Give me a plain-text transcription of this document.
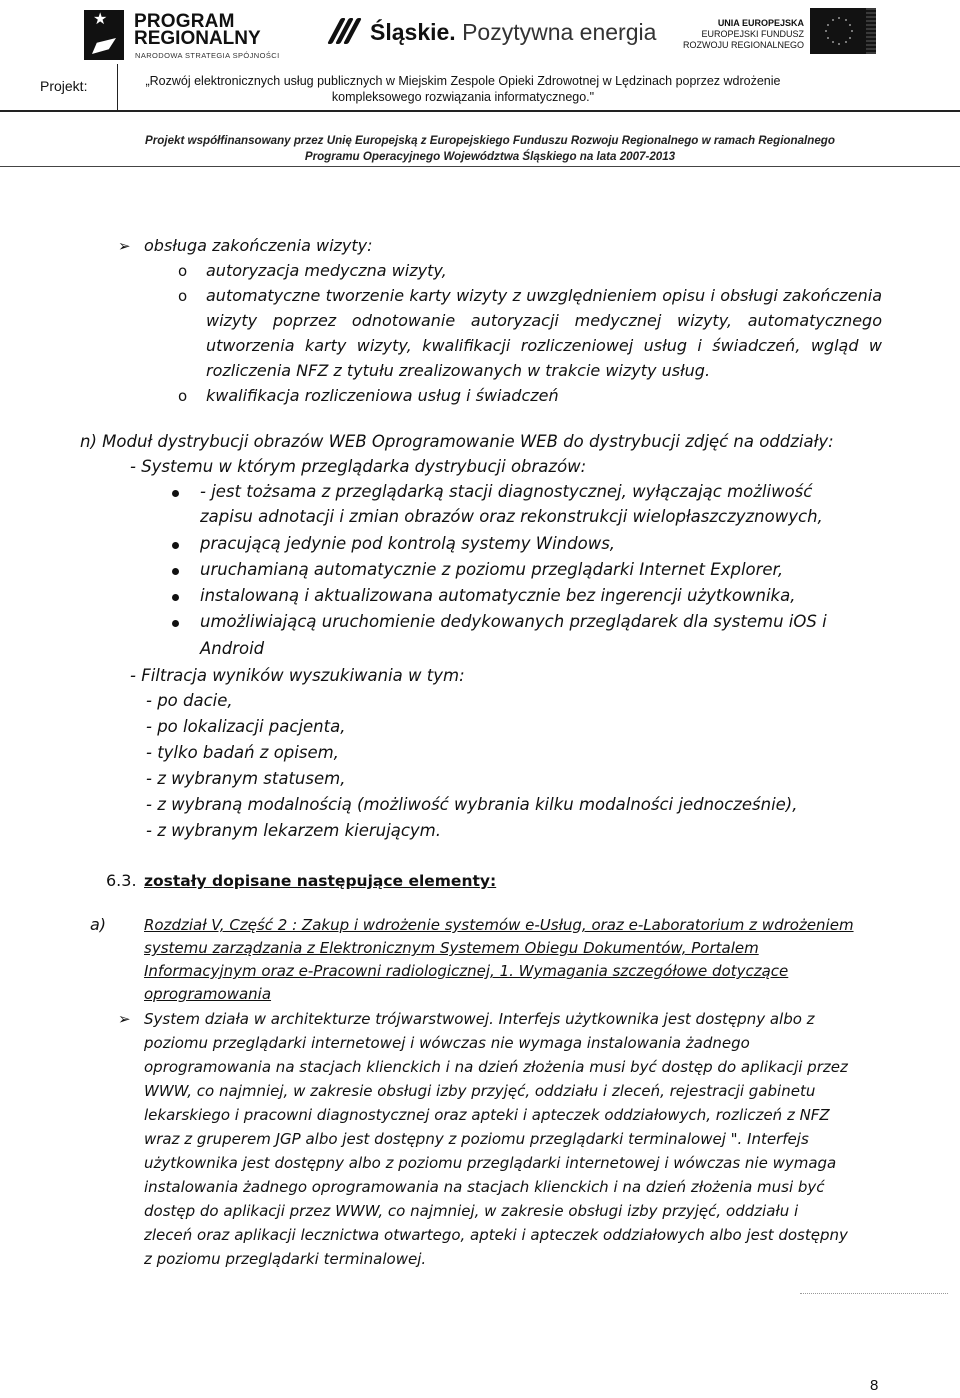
★ PROGRAM
REGIONALNY
NARODOWA STRATEGIA SPÓJNOŚCI
Śląskie. Pozytywna energia	UNIA EUROPEJSKA
EUROPEJSKI FUNDUSZ
ROZWOJU REGIONALNEGO
Projekt:	„Rozwój elektronicznych usług publicznych w Miejskim Zespole Opieki Zdrowotnej w Lędzinach poprzez wdrożenie
kompleksowego rozwiązania informatycznego."
Projekt współfinansowany przez Unię Europejską z Europejskiego Funduszu Rozwoju Regionalnego w ramach Regionalnego
Programu Operacyjnego Województwa Śląskiego na lata 2007-2013
➢ obsługa zakończenia wizyty:
o autoryzacja medyczna wizyty,
o automatyczne tworzenie karty wizyty z uwzględnieniem opisu i obsługi zakończenia
wizyty poprzez odnotowanie autoryzacji medycznej wizyty, automatycznego
utworzenia karty wizyty, kwalifikacji rozliczeniowej usług i świadczeń, wgląd w
rozliczenia NFZ z tytułu zrealizowanych w trakcie wizyty usług.
o kwalifikacja rozliczeniowa usług i świadczeń
n) Moduł dystrybucji obrazów WEB Oprogramowanie WEB do dystrybucji zdjęć na oddziały:
- Systemu w którym przeglądarka dystrybucji obrazów:
- jest tożsama z przeglądarką stacji diagnostycznej, wyłączając możliwość
zapisu adnotacji i zmian obrazów oraz rekonstrukcji wielopłaszczyznowych,
pracującą jedynie pod kontrolą systemy Windows,
uruchamianą automatycznie z poziomu przeglądarki Internet Explorer,
instalowaną i aktualizowana automatycznie bez ingerencji użytkownika,
umożliwiającą uruchomienie dedykowanych przeglądarek dla systemu iOS i
Android
- Filtracja wyników wyszukiwania w tym:
- po dacie,
- po lokalizacji pacjenta,
- tylko badań z opisem,
- z wybranym statusem,
- z wybraną modalnością (możliwość wybrania kilku modalności jednocześnie),
- z wybranym lekarzem kierującym.
6.3. zostały dopisane następujące elementy:
a)	Rozdział V, Część 2 : Zakup i wdrożenie systemów e-Usług, oraz e-Laboratorium z wdrożeniem
systemu zarządzania z Elektronicznym Systemem Obiegu Dokumentów, Portalem
Informacyjnym oraz e-Pracowni radiologicznej, 1. Wymagania szczegółowe dotyczące
oprogramowania
➢ System działa w architekturze trójwarstwowej. Interfejs użytkownika jest dostępny albo z
poziomu przeglądarki internetowej i wówczas nie wymaga instalowania żadnego
oprogramowania na stacjach klienckich i na dzień złożenia musi być dostęp do aplikacji przez
WWW, co najmniej, w zakresie obsługi izby przyjęć, oddziału i zleceń, rejestracji gabinetu
lekarskiego i pracowni diagnostycznej oraz apteki i apteczek oddziałowych, rozliczeń z NFZ
wraz z gruperem JGP albo jest dostępny z poziomu przeglądarki terminalowej ". Interfejs
użytkownika jest dostępny albo z poziomu przeglądarki internetowej i wówczas nie wymaga
instalowania żadnego oprogramowania na stacjach klienckich i na dzień złożenia musi być
dostęp do aplikacji przez WWW, co najmniej, w zakresie obsługi izby przyjęć, oddziału i
zleceń oraz aplikacji lecznictwa otwartego, apteki i apteczek oddziałowych albo jest dostępny
z poziomu przeglądarki terminalowej.
8
